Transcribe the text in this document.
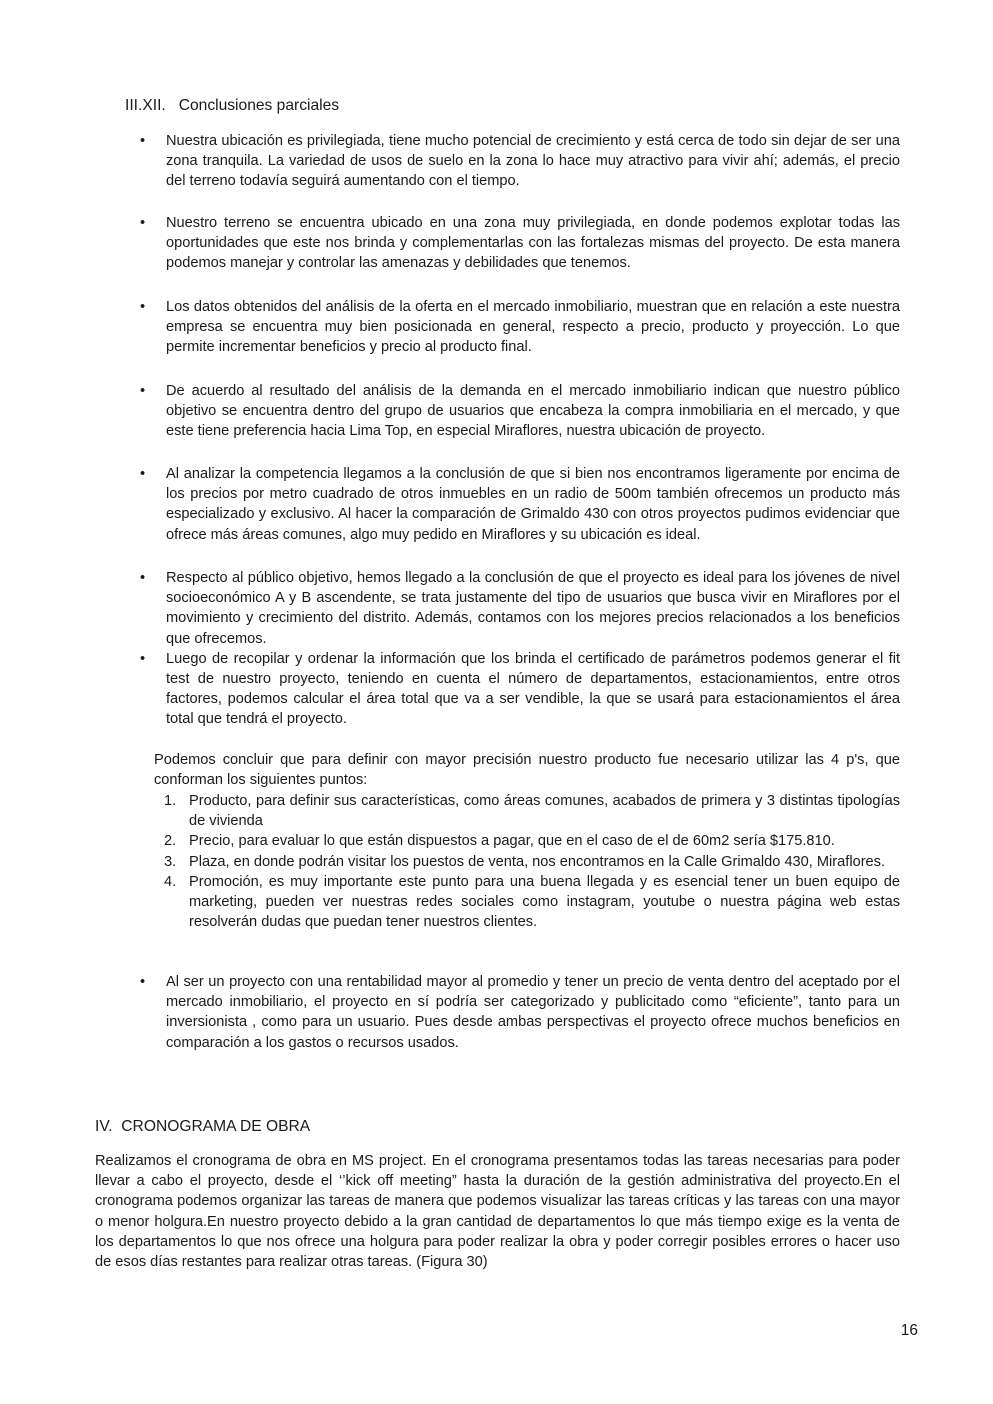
III.XII.   Conclusiones parciales

• Nuestra ubicación es privilegiada, tiene mucho potencial de crecimiento y está cerca de todo sin dejar de ser una zona tranquila. La variedad de usos de suelo en la zona lo hace muy atractivo para vivir ahí; además, el precio del terreno todavía seguirá aumentando con el tiempo.

• Nuestro terreno se encuentra ubicado en una zona muy privilegiada, en donde podemos explotar todas las oportunidades que este nos brinda y complementarlas con las fortalezas mismas del proyecto. De esta manera podemos manejar y controlar las amenazas y debilidades que tenemos.

• Los datos obtenidos del análisis de la oferta en el mercado inmobiliario, muestran que en relación a este nuestra empresa se encuentra muy bien posicionada en general, respecto a precio, producto y proyección. Lo que permite incrementar beneficios y precio al producto final.

• De acuerdo al resultado del análisis de la demanda en el mercado inmobiliario indican que nuestro público objetivo se encuentra dentro del grupo de usuarios que encabeza la compra inmobiliaria en el mercado, y que este tiene preferencia hacia Lima Top, en especial Miraflores, nuestra ubicación de proyecto.

• Al analizar la competencia llegamos a la conclusión de que si bien nos encontramos ligeramente por encima de los precios por metro cuadrado de otros inmuebles en un radio de 500m también ofrecemos un producto más especializado y exclusivo. Al hacer la comparación de Grimaldo 430 con otros proyectos pudimos evidenciar que ofrece más áreas comunes, algo muy pedido en Miraflores y su ubicación es ideal.

• Respecto al público objetivo, hemos llegado a la conclusión de que el proyecto es ideal para los jóvenes de nivel socioeconómico A y B ascendente, se trata justamente del tipo de usuarios que busca vivir en Miraflores por el movimiento y crecimiento del distrito. Además, contamos con los mejores precios relacionados a los beneficios que ofrecemos.

• Luego de recopilar y ordenar la información que los brinda el certificado de parámetros podemos generar el fit test de nuestro proyecto, teniendo en cuenta el número de departamentos, estacionamientos, entre otros factores, podemos calcular el área total que va a ser vendible, la que se usará para estacionamientos el área total que tendrá el proyecto.

Podemos concluir que para definir con mayor precisión nuestro producto fue necesario utilizar las 4 p's, que conforman los siguientes puntos:

1. Producto, para definir sus características, como áreas comunes, acabados de primera y 3 distintas tipologías de vivienda
2. Precio, para evaluar lo que están dispuestos a pagar, que en el caso de el de 60m2 sería $175.810.
3. Plaza, en donde podrán visitar los puestos de venta, nos encontramos en la Calle Grimaldo 430, Miraflores.
4. Promoción, es muy importante este punto para una buena llegada y es esencial tener un buen equipo de marketing, pueden ver nuestras redes sociales como instagram, youtube o nuestra página web estas resolverán dudas que puedan tener nuestros clientes.

• Al ser un proyecto con una rentabilidad mayor al promedio y tener un precio de venta dentro del aceptado por el mercado inmobiliario, el proyecto en sí podría ser categorizado y publicitado como “eficiente”, tanto para un inversionista , como para un usuario. Pues desde ambas perspectivas el proyecto ofrece muchos beneficios en comparación a los gastos o recursos usados.

IV.  CRONOGRAMA DE OBRA

Realizamos el cronograma de obra en MS project. En el cronograma presentamos todas las tareas necesarias para poder llevar a cabo el proyecto, desde el ‘’kick off meeting” hasta la duración de la gestión administrativa del proyecto.En el cronograma podemos organizar las tareas de manera que podemos visualizar las tareas críticas y las tareas con una mayor o menor holgura.En nuestro proyecto debido a la gran cantidad de departamentos lo que más tiempo exige es la venta de los departamentos lo que nos ofrece una holgura para poder realizar la obra y poder corregir posibles errores o hacer uso de esos días restantes para realizar otras tareas. (Figura 30)

16
